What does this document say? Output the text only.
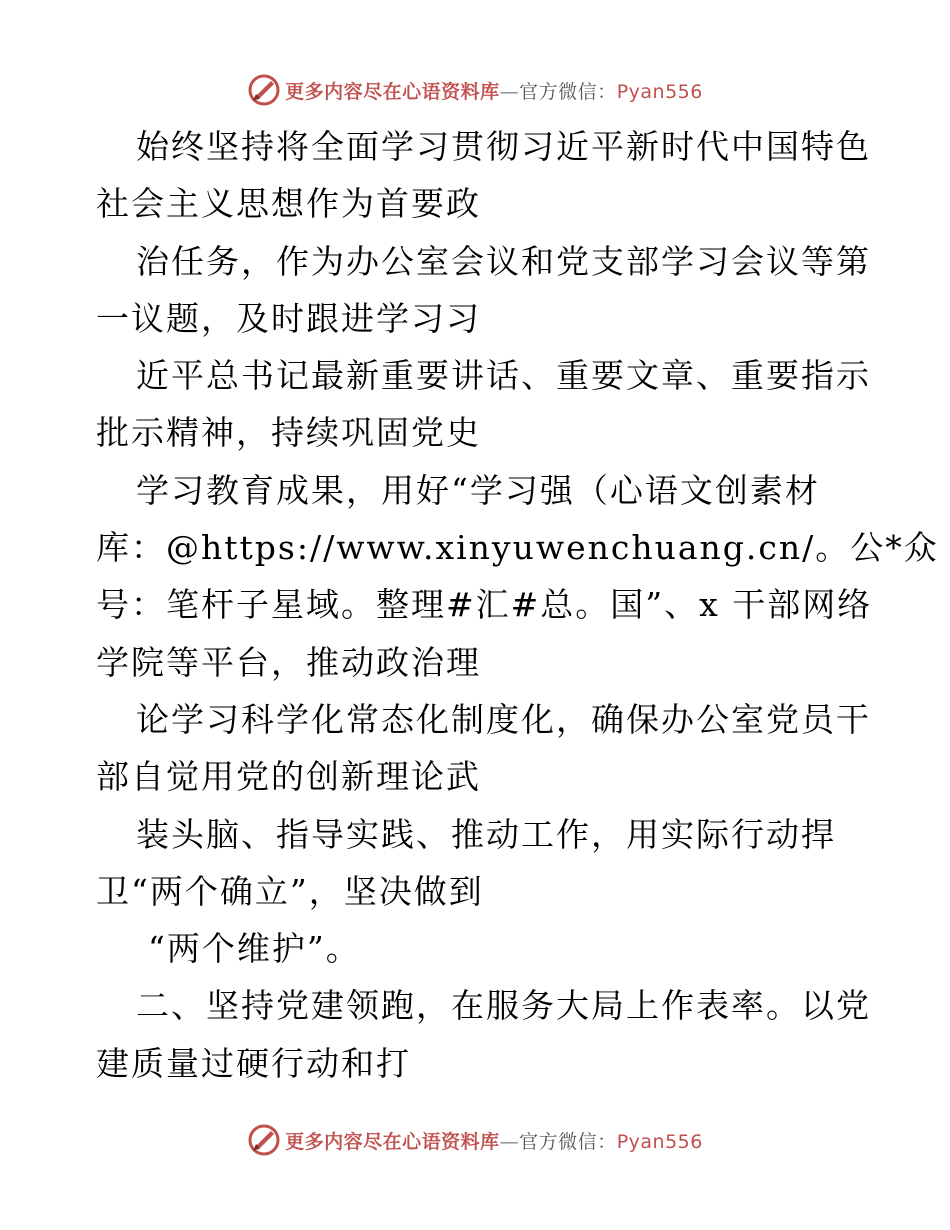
更多内容尽在心语资料库—官方微信：Pyan556
始终坚持将全面学习贯彻习近平新时代中国特色
社会主义思想作为首要政
治任务，作为办公室会议和党支部学习会议等第
一议题，及时跟进学习习
近平总书记最新重要讲话、重要文章、重要指示
批示精神，持续巩固党史
学习教育成果，用好“学习强（心语文创素材
库：@https://www.xinyuwenchuang.cn/。公*众
号：笔杆子星域。整理#汇#总。国”、x 干部网络
学院等平台，推动政治理
论学习科学化常态化制度化，确保办公室党员干
部自觉用党的创新理论武
装头脑、指导实践、推动工作，用实际行动捍
卫“两个确立”，坚决做到
“两个维护”。
二、坚持党建领跑，在服务大局上作表率。以党
建质量过硬行动和打
更多内容尽在心语资料库—官方微信：Pyan556
